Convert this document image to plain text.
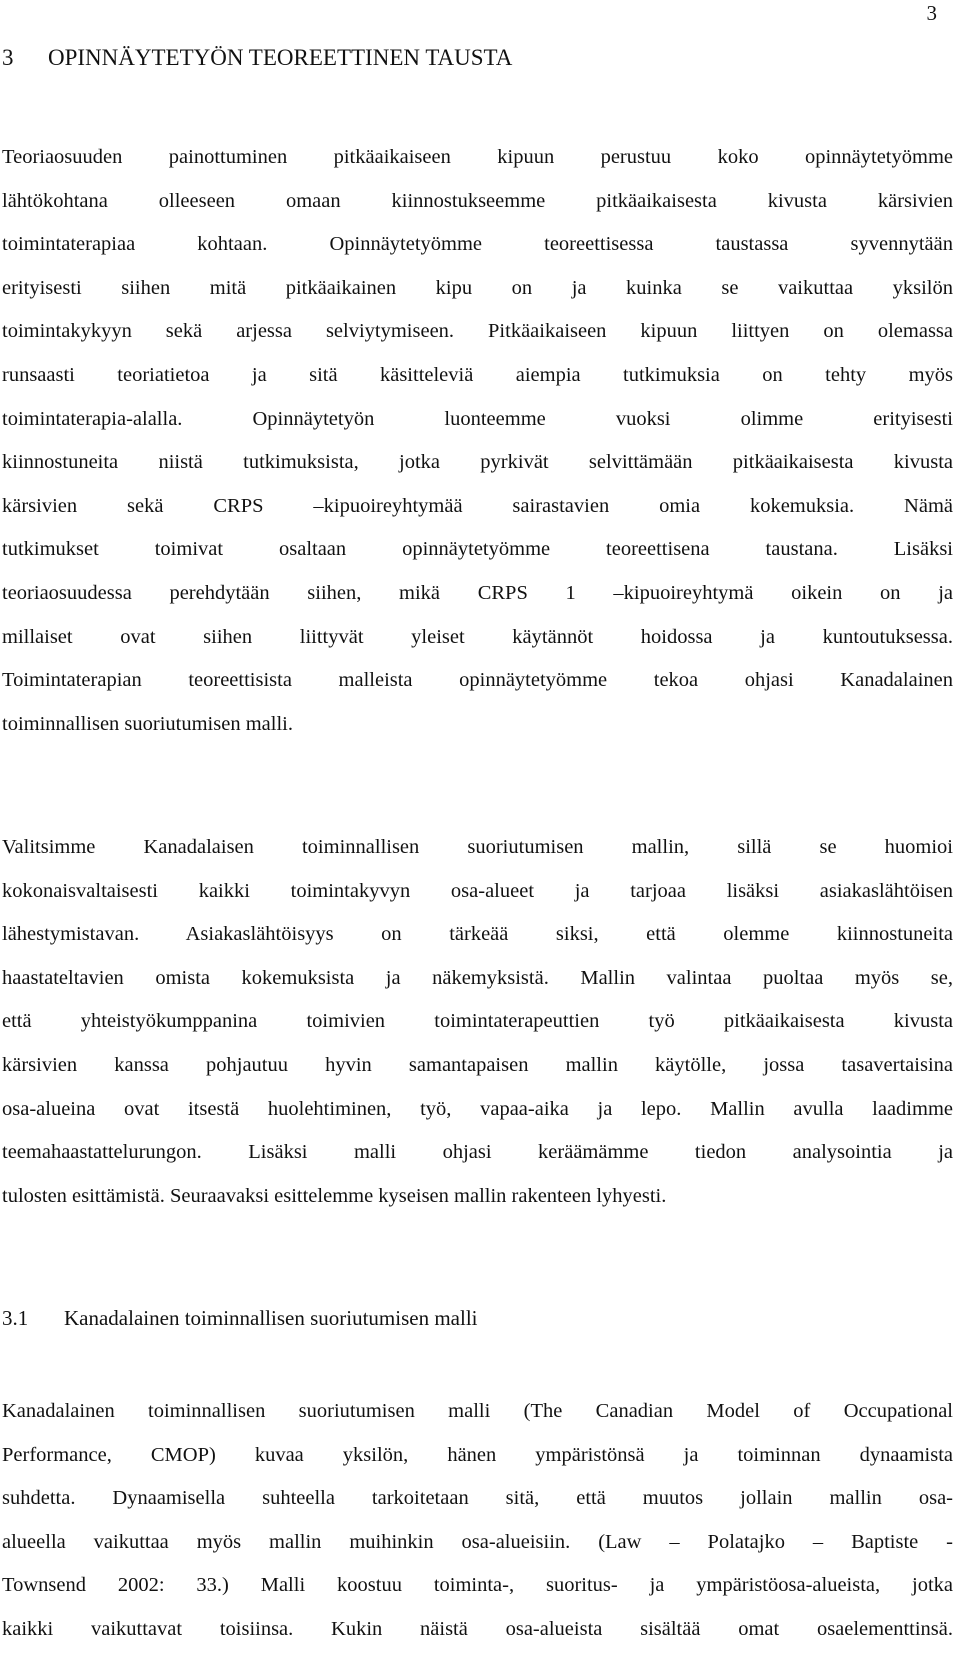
3
3 OPINNÄYTETYÖN TEOREETTINEN TAUSTA
Teoriaosuuden painottuminen pitkäaikaiseen kipuun perustuu koko opinnäytetyömme
lähtökohtana olleeseen omaan kiinnostukseemme pitkäaikaisesta kivusta kärsivien
toimintaterapiaa kohtaan. Opinnäytetyömme teoreettisessa taustassa syvennytään
erityisesti siihen mitä pitkäaikainen kipu on ja kuinka se vaikuttaa yksilön
toimintakykyyn sekä arjessa selviytymiseen. Pitkäaikaiseen kipuun liittyen on olemassa
runsaasti teoriatietoa ja sitä käsitteleviä aiempia tutkimuksia on tehty myös
toimintaterapia-alalla. Opinnäytetyön luonteemme vuoksi olimme erityisesti
kiinnostuneita niistä tutkimuksista, jotka pyrkivät selvittämään pitkäaikaisesta kivusta
kärsivien sekä CRPS –kipuoireyhtymää sairastavien omia kokemuksia. Nämä
tutkimukset toimivat osaltaan opinnäytetyömme teoreettisena taustana. Lisäksi
teoriaosuudessa perehdytään siihen, mikä CRPS 1 –kipuoireyhtymä oikein on ja
millaiset ovat siihen liittyvät yleiset käytännöt hoidossa ja kuntoutuksessa.
Toimintaterapian teoreettisista malleista opinnäytetyömme tekoa ohjasi Kanadalainen
toiminnallisen suoriutumisen malli.
Valitsimme Kanadalaisen toiminnallisen suoriutumisen mallin, sillä se huomioi
kokonaisvaltaisesti kaikki toimintakyvyn osa-alueet ja tarjoaa lisäksi asiakaslähtöisen
lähestymistavan. Asiakaslähtöisyys on tärkeää siksi, että olemme kiinnostuneita
haastateltavien omista kokemuksista ja näkemyksistä. Mallin valintaa puoltaa myös se,
että yhteistyökumppanina toimivien toimintaterapeuttien työ pitkäaikaisesta kivusta
kärsivien kanssa pohjautuu hyvin samantapaisen mallin käytölle, jossa tasavertaisina
osa-alueina ovat itsestä huolehtiminen, työ, vapaa-aika ja lepo. Mallin avulla laadimme
teemahaastattelurungon. Lisäksi malli ohjasi keräämämme tiedon analysointia ja
tulosten esittämistä. Seuraavaksi esittelemme kyseisen mallin rakenteen lyhyesti.
3.1 Kanadalainen toiminnallisen suoriutumisen malli
Kanadalainen toiminnallisen suoriutumisen malli (The Canadian Model of Occupational
Performance, CMOP) kuvaa yksilön, hänen ympäristönsä ja toiminnan dynaamista
suhdetta. Dynaamisella suhteella tarkoitetaan sitä, että muutos jollain mallin osa-
alueella vaikuttaa myös mallin muihinkin osa-alueisiin. (Law – Polatajko – Baptiste -
Townsend 2002: 33.) Malli koostuu toiminta-, suoritus- ja ympäristöosa-alueista, jotka
kaikki vaikuttavat toisiinsa. Kukin näistä osa-alueista sisältää omat osaelementtinsä.
